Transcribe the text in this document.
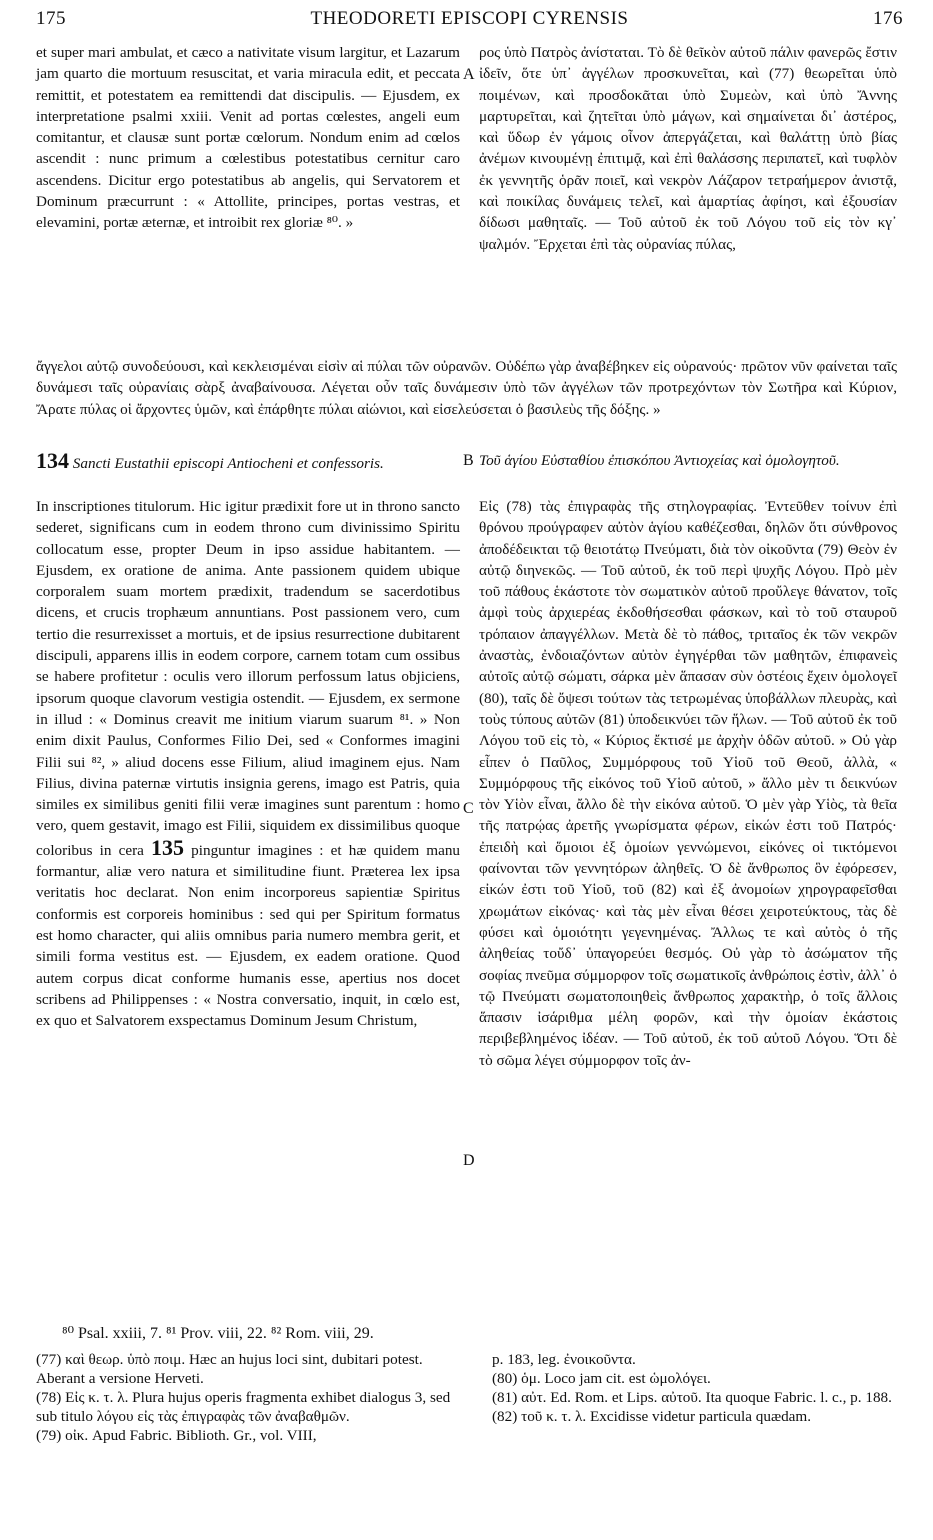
175	THEODORETI EPISCOPI CYRENSIS	176
A
B
C
D
et super mari ambulat, et cæco a nativitate visum largitur, et Lazarum jam quarto die mortuum resuscitat, et varia miracula edit, et peccata remittit, et potestatem ea remittendi dat discipulis. — Ejusdem, ex interpretatione psalmi xxiii. Venit ad portas cœlestes, angeli eum comitantur, et clausæ sunt portæ cœlorum. Nondum enim ad cœlos ascendit : nunc primum a cœlestibus potestatibus cernitur caro ascendens. Dicitur ergo potestatibus ab angelis, qui Servatorem et Dominum præcurrunt : « Attollite, principes, portas vestras, et elevamini, portæ æternæ, et introibit rex gloriæ ⁸⁰. »
ρος ὑπὸ Πατρὸς ἀνίσταται. Τὸ δὲ θεῖκὸν αὐτοῦ πάλιν φανερῶς ἔστιν ἰδεῖν, ὅτε ὑπ᾽ ἀγγέλων προσκυνεῖται, καὶ (77) θεωρεῖται ὑπὸ ποιμένων, καὶ προσδοκᾶται ὑπὸ Συμεὼν, καὶ ὑπὸ Ἄννης μαρτυρεῖται, καὶ ζητεῖται ὑπὸ μάγων, καὶ σημαίνεται δι᾽ ἀστέρος, καὶ ὕδωρ ἐν γάμοις οἶνον ἀπεργάζεται, καὶ θαλάττῃ ὑπὸ βίας ἀνέμων κινουμένῃ ἐπιτιμᾷ, καὶ ἐπὶ θαλάσσης περιπατεῖ, καὶ τυφλὸν ἐκ γεννητῆς ὁρᾶν ποιεῖ, καὶ νεκρὸν Λάζαρον τετραήμερον ἀνιστᾷ, καὶ ποικίλας δυνάμεις τελεῖ, καὶ ἁμαρτίας ἀφίησι, καὶ ἐξουσίαν δίδωσι μαθηταῖς. — Τοῦ αὐτοῦ ἐκ τοῦ Λόγου τοῦ εἰς τὸν κγ᾽ ψαλμόν. Ἔρχεται ἐπὶ τὰς οὐρανίας πύλας,
ἄγγελοι αὐτῷ συνοδεύουσι, καὶ κεκλεισμέναι εἰσὶν αἱ πύλαι τῶν οὐρανῶν. Οὐδέπω γὰρ ἀναβέβηκεν εἰς οὐρανούς· πρῶτον νῦν φαίνεται ταῖς δυνάμεσι ταῖς οὐρανίαις σὰρξ ἀναβαίνουσα. Λέγεται οὖν ταῖς δυνάμεσιν ὑπὸ τῶν ἀγγέλων τῶν προτρεχόντων τὸν Σωτῆρα καὶ Κύριον, Ἄρατε πύλας οἱ ἄρχοντες ὑμῶν, καὶ ἐπάρθητε πύλαι αἰώνιοι, καὶ εἰσελεύσεται ὁ βασιλεὺς τῆς δόξης. »
134 Sancti Eustathii episcopi Antiocheni et confessoris.	Τοῦ ἁγίου Εὐσταθίου ἐπισκόπου Ἀντιοχείας καὶ ὁμολογητοῦ.
In inscriptiones titulorum. Hic igitur prædixit fore ut in throno sancto sederet, significans cum in eodem throno cum divinissimo Spiritu collocatum esse, propter Deum in ipso assidue habitantem. — Ejusdem, ex oratione de anima. Ante passionem quidem ubique corporalem suam mortem prædixit, tradendum se sacerdotibus dicens, et crucis trophæum annuntians. Post passionem vero, cum tertio die resurrexisset a mortuis, et de ipsius resurrectione dubitarent discipuli, apparens illis in eodem corpore, carnem totam cum ossibus se habere profitetur : oculis vero illorum perfossum latus objiciens, ipsorum quoque clavorum vestigia ostendit. — Ejusdem, ex sermone in illud : « Dominus creavit me initium viarum suarum ⁸¹. » Non enim dixit Paulus, Conformes Filio Dei, sed « Conformes imagini Filii sui ⁸², » aliud docens esse Filium, aliud imaginem ejus. Nam Filius, divina paternæ virtutis insignia gerens, imago est Patris, quia similes ex similibus geniti filii veræ imagines sunt parentum : homo vero, quem gestavit, imago est Filii, siquidem ex dissimilibus quoque coloribus in cera 135 pinguntur imagines : et hæ quidem manu formantur, aliæ vero natura et similitudine fiunt. Præterea lex ipsa veritatis hoc declarat. Non enim incorporeus sapientiæ Spiritus conformis est corporeis hominibus : sed qui per Spiritum formatus est homo character, qui aliis omnibus paria numero membra gerit, et simili forma vestitus est. — Ejusdem, ex eadem oratione. Quod autem corpus dicat conforme humanis esse, apertius nos docet scribens ad Philippenses : « Nostra conversatio, inquit, in cœlo est, ex quo et Salvatorem exspectamus Dominum Jesum Christum,
Εἰς (78) τὰς ἐπιγραφὰς τῆς στηλογραφίας. Ἐντεῦθεν τοίνυν ἐπὶ θρόνου προύγραφεν αὐτὸν ἁγίου καθέζεσθαι, δηλῶν ὅτι σύνθρονος ἀποδέδεικται τῷ θειοτάτῳ Πνεύματι, διὰ τὸν οἰκοῦντα (79) Θεὸν ἐν αὐτῷ διηνεκῶς. — Τοῦ αὐτοῦ, ἐκ τοῦ περὶ ψυχῆς Λόγου. Πρὸ μὲν τοῦ πάθους ἑκάστοτε τὸν σωματικὸν αὐτοῦ προὔλεγε θάνατον, τοῖς ἀμφὶ τοὺς ἀρχιερέας ἐκδοθήσεσθαι φάσκων, καὶ τὸ τοῦ σταυροῦ τρόπαιον ἀπαγγέλλων. Μετὰ δὲ τὸ πάθος, τριταῖος ἐκ τῶν νεκρῶν ἀναστὰς, ἐνδοιαζόντων αὐτὸν ἐγηγέρθαι τῶν μαθητῶν, ἐπιφανεὶς αὐτοῖς αὐτῷ σώματι, σάρκα μὲν ἅπασαν σὺν ὀστέοις ἔχειν ὁμολογεῖ (80), ταῖς δὲ ὄψεσι τούτων τὰς τετρωμένας ὑποβάλλων πλευρὰς, καὶ τοὺς τύπους αὐτῶν (81) ὑποδεικνύει τῶν ἥλων. — Τοῦ αὐτοῦ ἐκ τοῦ Λόγου τοῦ εἰς τὸ, « Κύριος ἔκτισέ με ἀρχὴν ὁδῶν αὐτοῦ. » Οὐ γὰρ εἶπεν ὁ Παῦλος, Συμμόρφους τοῦ Υἱοῦ τοῦ Θεοῦ, ἀλλὰ, « Συμμόρφους τῆς εἰκόνος τοῦ Υἱοῦ αὐτοῦ, » ἄλλο μὲν τι δεικνύων τὸν Υἱὸν εἶναι, ἄλλο δὲ τὴν εἰκόνα αὐτοῦ. Ὁ μὲν γὰρ Υἱὸς, τὰ θεῖα τῆς πατρῴας ἀρετῆς γνωρίσματα φέρων, εἰκών ἐστι τοῦ Πατρός· ἐπειδὴ καὶ ὅμοιοι ἐξ ὁμοίων γεννώμενοι, εἰκόνες οἱ τικτόμενοι φαίνονται τῶν γεννητόρων ἀληθεῖς. Ὁ δὲ ἄνθρωπος ὃν ἐφόρεσεν, εἰκών ἐστι τοῦ Υἱοῦ, τοῦ (82) καὶ ἐξ ἀνομοίων χηρογραφεῖσθαι χρωμάτων εἰκόνας· καὶ τὰς μὲν εἶναι θέσει χειροτεύκτους, τὰς δὲ φύσει καὶ ὁμοιότητι γεγενημένας. Ἄλλως τε καὶ αὐτὸς ὁ τῆς ἀληθείας τοὔδ᾽ ὑπαγορεύει θεσμός. Οὐ γὰρ τὸ ἀσώματον τῆς σοφίας πνεῦμα σύμμορφον τοῖς σωματικοῖς ἀνθρώποις ἐστὶν, ἀλλ᾽ ὁ τῷ Πνεύματι σωματοποιηθεὶς ἄνθρωπος χαρακτὴρ, ὁ τοῖς ἄλλοις ἅπασιν ἰσάριθμα μέλη φορῶν, καὶ τὴν ὁμοίαν ἑκάστοις περιβεβλημένος ἰδέαν. — Τοῦ αὐτοῦ, ἐκ τοῦ αὐτοῦ Λόγου. Ὅτι δὲ τὸ σῶμα λέγει σύμμορφον τοῖς ἀν-
⁸⁰ Psal. xxiii, 7. ⁸¹ Prov. viii, 22. ⁸² Rom. viii, 29.
(77) καὶ θεωρ. ὑπὸ ποιμ. Hæc an hujus loci sint, dubitari potest. Aberant a versione Herveti.
(78) Εἰς κ. τ. λ. Plura hujus operis fragmenta exhibet dialogus 3, sed sub titulo λόγου εἰς τὰς ἐπιγραφὰς τῶν ἀναβαθμῶν.
(79) οἰκ. Apud Fabric. Biblioth. Gr., vol. VIII,
p. 183, leg. ἐνοικοῦντα.
(80) ὁμ. Loco jam cit. est ὡμολόγει.
(81) αὐτ. Ed. Rom. et Lips. αὐτοῦ. Ita quoque Fabric. l. c., p. 188.
(82) τοῦ κ. τ. λ. Excidisse videtur particula quædam.
